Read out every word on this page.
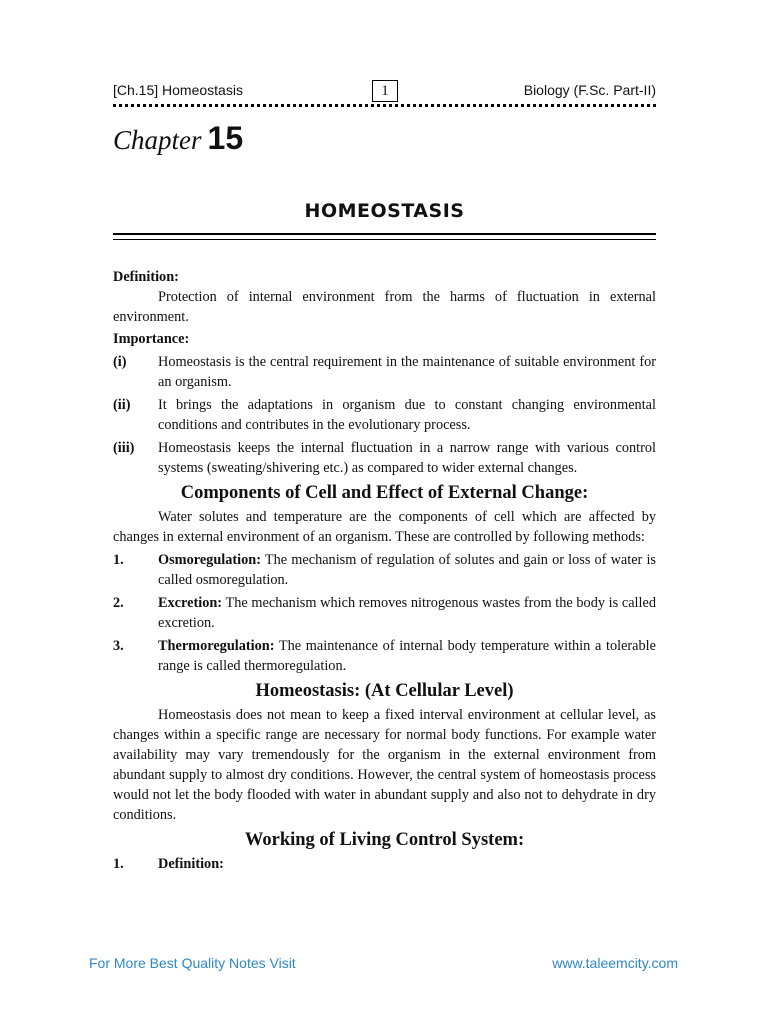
[Ch.15] Homeostasis	1	Biology (F.Sc. Part-II)
Chapter 15
HOMEOSTASIS
Definition:

Protection of internal environment from the harms of fluctuation in external environment.

Importance:
(i)	Homeostasis is the central requirement in the maintenance of suitable environment for an organism.
(ii)	It brings the adaptations in organism due to constant changing environmental conditions and contributes in the evolutionary process.
(iii)	Homeostasis keeps the internal fluctuation in a narrow range with various control systems (sweating/shivering etc.) as compared to wider external changes.
Components of Cell and Effect of External Change:

Water solutes and temperature are the components of cell which are affected by changes in external environment of an organism. These are controlled by following methods:

1.	Osmoregulation: The mechanism of regulation of solutes and gain or loss of water is called osmoregulation.
2.	Excretion: The mechanism which removes nitrogenous wastes from the body is called excretion.
3.	Thermoregulation: The maintenance of internal body temperature within a tolerable range is called thermoregulation.
Homeostasis: (At Cellular Level)

Homeostasis does not mean to keep a fixed interval environment at cellular level, as changes within a specific range are necessary for normal body functions. For example water availability may vary tremendously for the organism in the external environment from abundant supply to almost dry conditions. However, the central system of homeostasis process would not let the body flooded with water in abundant supply and also not to dehydrate in dry conditions.

Working of Living Control System:
1.	Definition:
For More Best Quality Notes Visit	www.taleemcity.com
